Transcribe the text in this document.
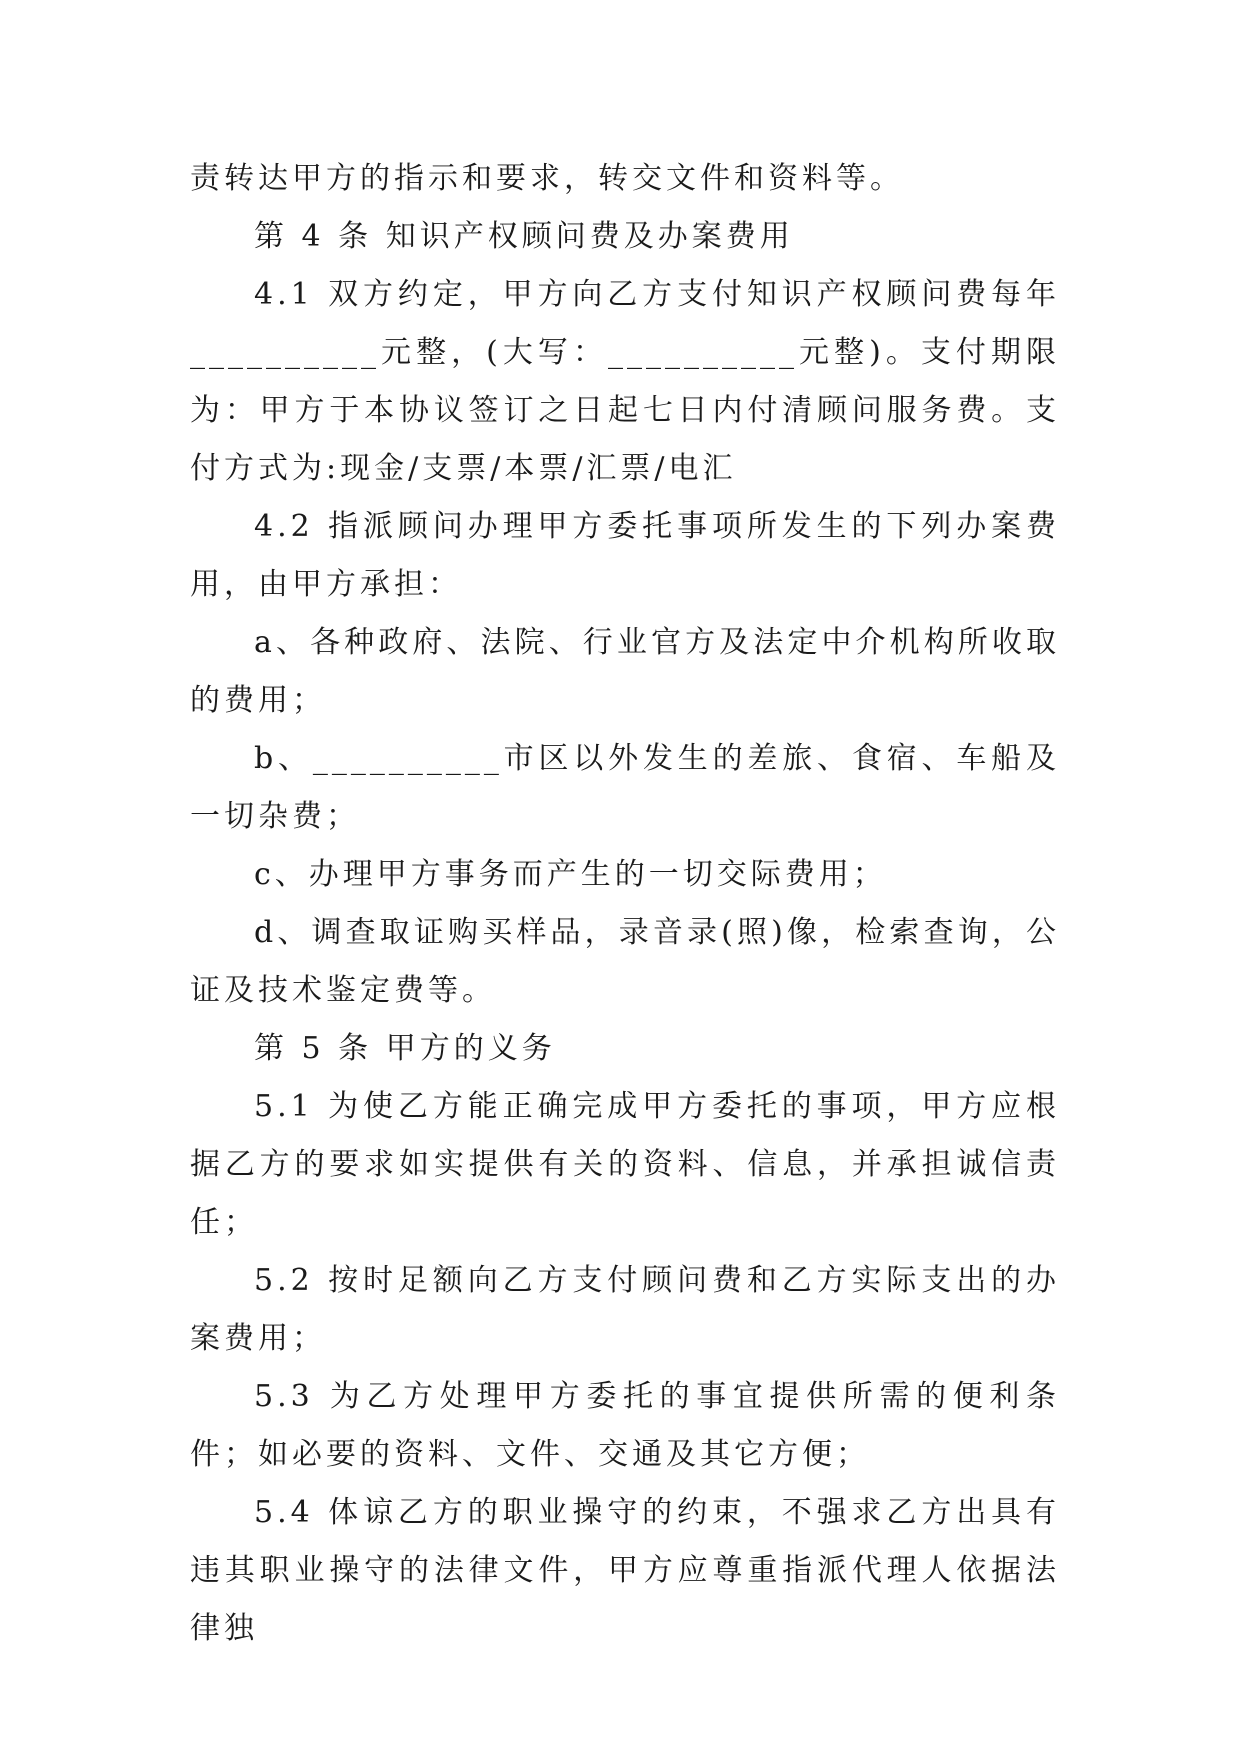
责转达甲方的指示和要求，转交文件和资料等。

第 4 条 知识产权顾问费及办案费用

4.1 双方约定，甲方向乙方支付知识产权顾问费每年__________元整，(大写：__________元整)。支付期限为：甲方于本协议签订之日起七日内付清顾问服务费。支付方式为:现金/支票/本票/汇票/电汇

4.2 指派顾问办理甲方委托事项所发生的下列办案费用，由甲方承担：

a、各种政府、法院、行业官方及法定中介机构所收取的费用；

b、__________市区以外发生的差旅、食宿、车船及一切杂费；

c、办理甲方事务而产生的一切交际费用；

d、调查取证购买样品，录音录(照)像，检索查询，公证及技术鉴定费等。

第 5 条 甲方的义务

5.1 为使乙方能正确完成甲方委托的事项，甲方应根据乙方的要求如实提供有关的资料、信息，并承担诚信责任；

5.2 按时足额向乙方支付顾问费和乙方实际支出的办案费用；

5.3 为乙方处理甲方委托的事宜提供所需的便利条件；如必要的资料、文件、交通及其它方便；

5.4 体谅乙方的职业操守的约束，不强求乙方出具有违其职业操守的法律文件，甲方应尊重指派代理人依据法律独
